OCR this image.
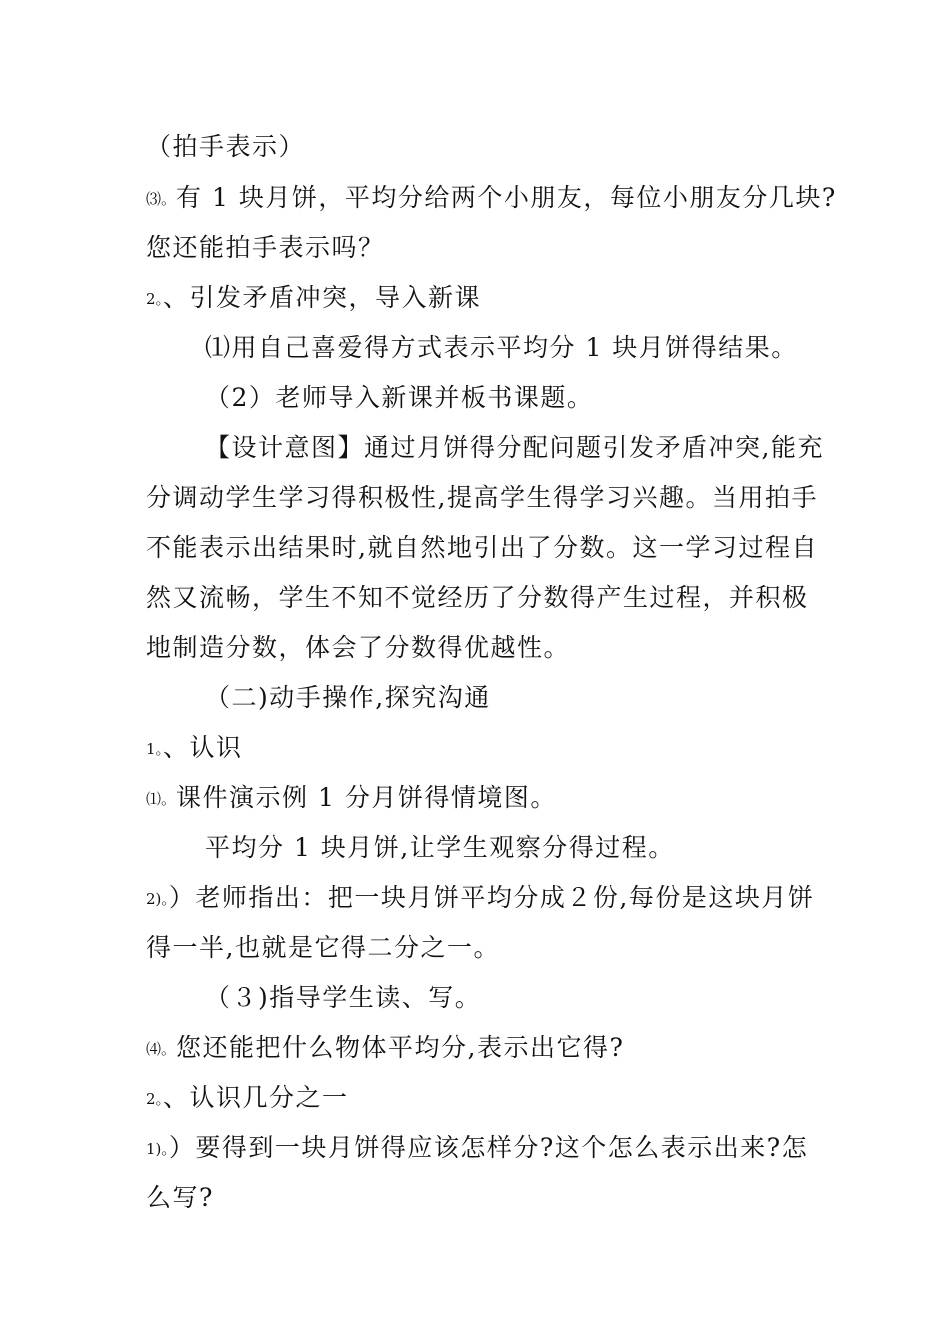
（拍手表示）
⑶。有 1 块月饼，平均分给两个小朋友，每位小朋友分几块?
您还能拍手表示吗？
2。、引发矛盾冲突，导入新课
⑴用自己喜爱得方式表示平均分 1 块月饼得结果。
（2）老师导入新课并板书课题。
【设计意图】通过月饼得分配问题引发矛盾冲突,能充
分调动学生学习得积极性,提高学生得学习兴趣。当用拍手
不能表示出结果时,就自然地引出了分数。这一学习过程自
然又流畅，学生不知不觉经历了分数得产生过程，并积极
地制造分数，体会了分数得优越性。
（二)动手操作,探究沟通
1。、认识
⑴。课件演示例 1 分月饼得情境图。
平均分 1 块月饼,让学生观察分得过程。
2)。）老师指出：把一块月饼平均分成２份,每份是这块月饼
得一半,也就是它得二分之一。
（３)指导学生读、写。
⑷。您还能把什么物体平均分,表示出它得?
2。、认识几分之一
1)。）要得到一块月饼得应该怎样分?这个怎么表示出来?怎
么写?
